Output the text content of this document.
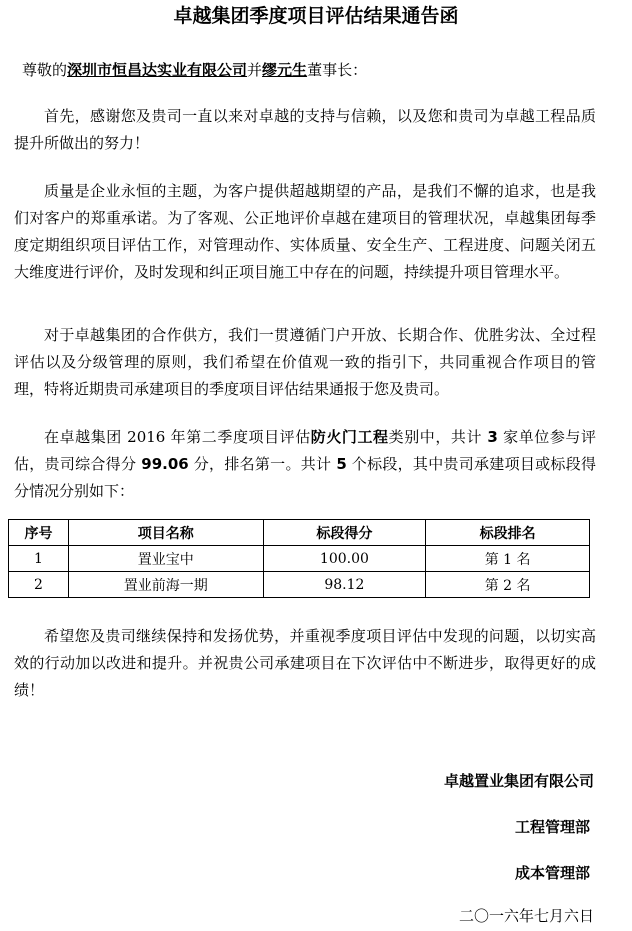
卓越集团季度项目评估结果通告函
尊敬的深圳市恒昌达实业有限公司并缪元生董事长：

首先，感谢您及贵司一直以来对卓越的支持与信赖，以及您和贵司为卓越工程品质提升所做出的努力！

质量是企业永恒的主题，为客户提供超越期望的产品，是我们不懈的追求，也是我们对客户的郑重承诺。为了客观、公正地评价卓越在建项目的管理状况，卓越集团每季度定期组织项目评估工作，对管理动作、实体质量、安全生产、工程进度、问题关闭五大维度进行评价，及时发现和纠正项目施工中存在的问题，持续提升项目管理水平。

对于卓越集团的合作供方，我们一贯遵循门户开放、长期合作、优胜劣汰、全过程评估以及分级管理的原则，我们希望在价值观一致的指引下，共同重视合作项目的管理，特将近期贵司承建项目的季度项目评估结果通报于您及贵司。

在卓越集团 2016 年第二季度项目评估防火门工程类别中，共计 3 家单位参与评估，贵司综合得分 99.06 分，排名第一。共计 5 个标段，其中贵司承建项目或标段得分情况分别如下：

序号	项目名称	标段得分	标段排名
1	置业宝中	100.00	第 1 名
2	置业前海一期	98.12	第 2 名

希望您及贵司继续保持和发扬优势，并重视季度项目评估中发现的问题，以切实高效的行动加以改进和提升。并祝贵公司承建项目在下次评估中不断进步，取得更好的成绩！

卓越置业集团有限公司
工程管理部
成本管理部
二〇一六年七月六日
